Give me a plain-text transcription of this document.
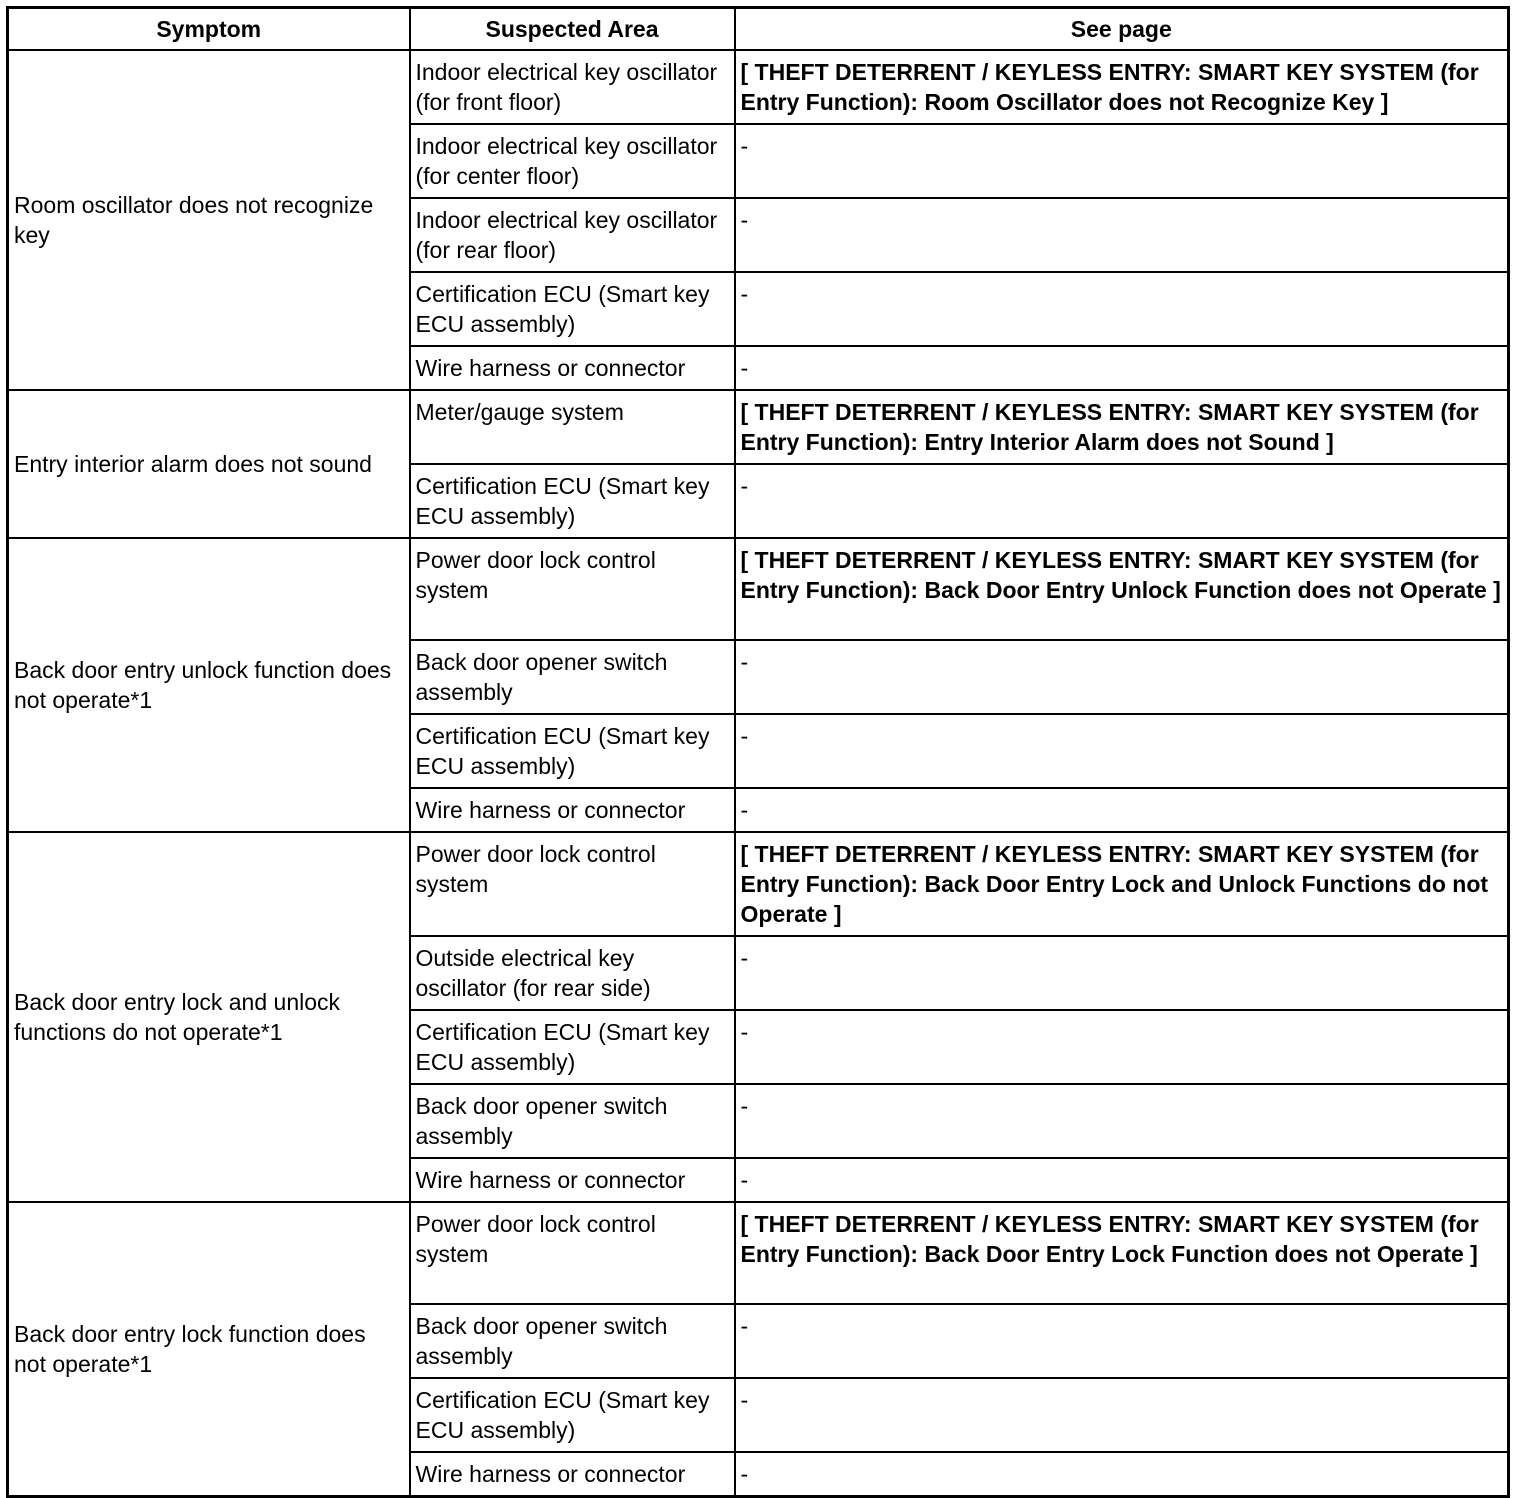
Symptom	Suspected Area	See page
Room oscillator does not recognize key	Indoor electrical key oscillator (for front floor)	[ THEFT DETERRENT / KEYLESS ENTRY: SMART KEY SYSTEM (for Entry Function): Room Oscillator does not Recognize Key ]
	Indoor electrical key oscillator (for center floor)	-
	Indoor electrical key oscillator (for rear floor)	-
	Certification ECU (Smart key ECU assembly)	-
	Wire harness or connector	-
Entry interior alarm does not sound	Meter/gauge system	[ THEFT DETERRENT / KEYLESS ENTRY: SMART KEY SYSTEM (for Entry Function): Entry Interior Alarm does not Sound ]
	Certification ECU (Smart key ECU assembly)	-
Back door entry unlock function does not operate*1	Power door lock control system	[ THEFT DETERRENT / KEYLESS ENTRY: SMART KEY SYSTEM (for Entry Function): Back Door Entry Unlock Function does not Operate ]
	Back door opener switch assembly	-
	Certification ECU (Smart key ECU assembly)	-
	Wire harness or connector	-
Back door entry lock and unlock functions do not operate*1	Power door lock control system	[ THEFT DETERRENT / KEYLESS ENTRY: SMART KEY SYSTEM (for Entry Function): Back Door Entry Lock and Unlock Functions do not Operate ]
	Outside electrical key oscillator (for rear side)	-
	Certification ECU (Smart key ECU assembly)	-
	Back door opener switch assembly	-
	Wire harness or connector	-
Back door entry lock function does not operate*1	Power door lock control system	[ THEFT DETERRENT / KEYLESS ENTRY: SMART KEY SYSTEM (for Entry Function): Back Door Entry Lock Function does not Operate ]
	Back door opener switch assembly	-
	Certification ECU (Smart key ECU assembly)	-
	Wire harness or connector	-
